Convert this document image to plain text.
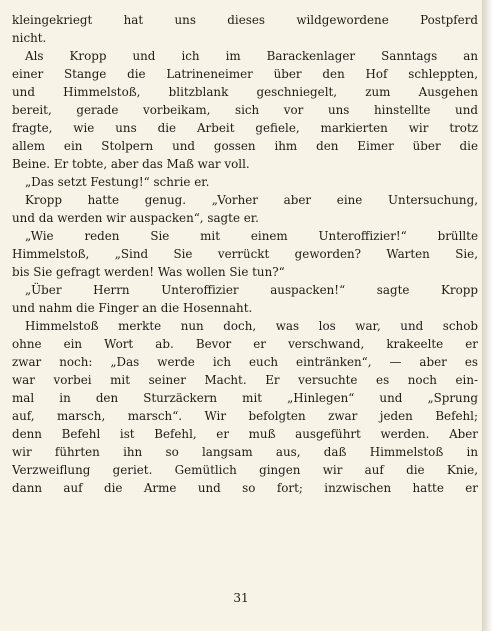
kleingekriegt hat uns dieses wildgewordene Postpferd
nicht.
Als Kropp und ich im Barackenlager Sanntags an
einer Stange die Latrineneimer über den Hof schleppten,
und Himmelstoß, blitzblank geschniegelt, zum Ausgehen
bereit, gerade vorbeikam, sich vor uns hinstellte und
fragte, wie uns die Arbeit gefiele, markierten wir trotz
allem ein Stolpern und gossen ihm den Eimer über die
Beine. Er tobte, aber das Maß war voll.
„Das setzt Festung!“ schrie er.
Kropp hatte genug. „Vorher aber eine Untersuchung,
und da werden wir auspacken“, sagte er.
„Wie reden Sie mit einem Unteroffizier!“ brüllte
Himmelstoß, „Sind Sie verrückt geworden? Warten Sie,
bis Sie gefragt werden! Was wollen Sie tun?“
„Über Herrn Unteroffizier auspacken!“ sagte Kropp
und nahm die Finger an die Hosennaht.
Himmelstoß merkte nun doch, was los war, und schob
ohne ein Wort ab. Bevor er verschwand, krakeelte er
zwar noch: „Das werde ich euch eintränken“, — aber es
war vorbei mit seiner Macht. Er versuchte es noch ein-
mal in den Sturzäckern mit „Hinlegen“ und „Sprung
auf, marsch, marsch“. Wir befolgten zwar jeden Befehl;
denn Befehl ist Befehl, er muß ausgeführt werden. Aber
wir führten ihn so langsam aus, daß Himmelstoß in
Verzweiflung geriet. Gemütlich gingen wir auf die Knie,
dann auf die Arme und so fort; inzwischen hatte er
31
